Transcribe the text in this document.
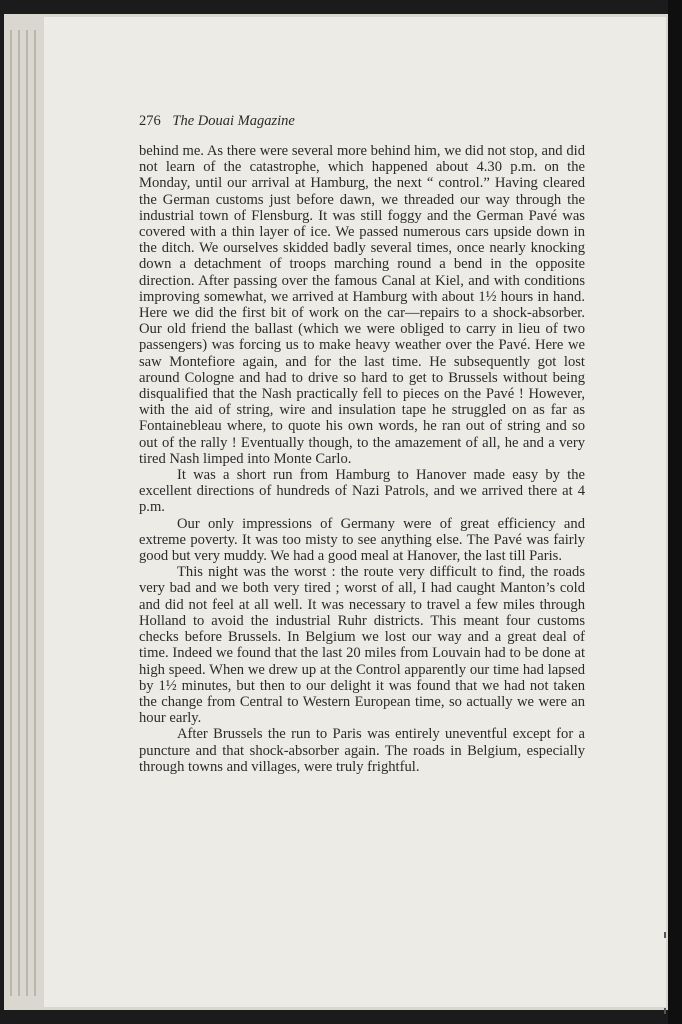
276 The Douai Magazine

behind me. As there were several more behind him, we did not stop, and did not learn of the catastrophe, which happened about 4.30 p.m. on the Monday, until our arrival at Hamburg, the next “ control.” Having cleared the German customs just before dawn, we threaded our way through the industrial town of Flensburg. It was still foggy and the German Pavé was covered with a thin layer of ice. We passed numerous cars upside down in the ditch. We ourselves skidded badly several times, once nearly knocking down a detachment of troops marching round a bend in the opposite direction. After passing over the famous Canal at Kiel, and with conditions improving somewhat, we arrived at Hamburg with about 1½ hours in hand. Here we did the first bit of work on the car—repairs to a shock-absorber. Our old friend the ballast (which we were obliged to carry in lieu of two passengers) was forcing us to make heavy weather over the Pavé. Here we saw Montefiore again, and for the last time. He subsequently got lost around Cologne and had to drive so hard to get to Brussels without being disqualified that the Nash practically fell to pieces on the Pavé ! However, with the aid of string, wire and insulation tape he struggled on as far as Fontainebleau where, to quote his own words, he ran out of string and so out of the rally ! Eventually though, to the amazement of all, he and a very tired Nash limped into Monte Carlo.

It was a short run from Hamburg to Hanover made easy by the excellent directions of hundreds of Nazi Patrols, and we arrived there at 4 p.m.

Our only impressions of Germany were of great efficiency and extreme poverty. It was too misty to see anything else. The Pavé was fairly good but very muddy. We had a good meal at Hanover, the last till Paris.

This night was the worst : the route very difficult to find, the roads very bad and we both very tired ; worst of all, I had caught Manton’s cold and did not feel at all well. It was necessary to travel a few miles through Holland to avoid the industrial Ruhr districts. This meant four customs checks before Brussels. In Belgium we lost our way and a great deal of time. Indeed we found that the last 20 miles from Louvain had to be done at high speed. When we drew up at the Control apparently our time had lapsed by 1½ minutes, but then to our delight it was found that we had not taken the change from Central to Western European time, so actually we were an hour early.

After Brussels the run to Paris was entirely uneventful except for a puncture and that shock-absorber again. The roads in Belgium, especially through towns and villages, were truly frightful.
